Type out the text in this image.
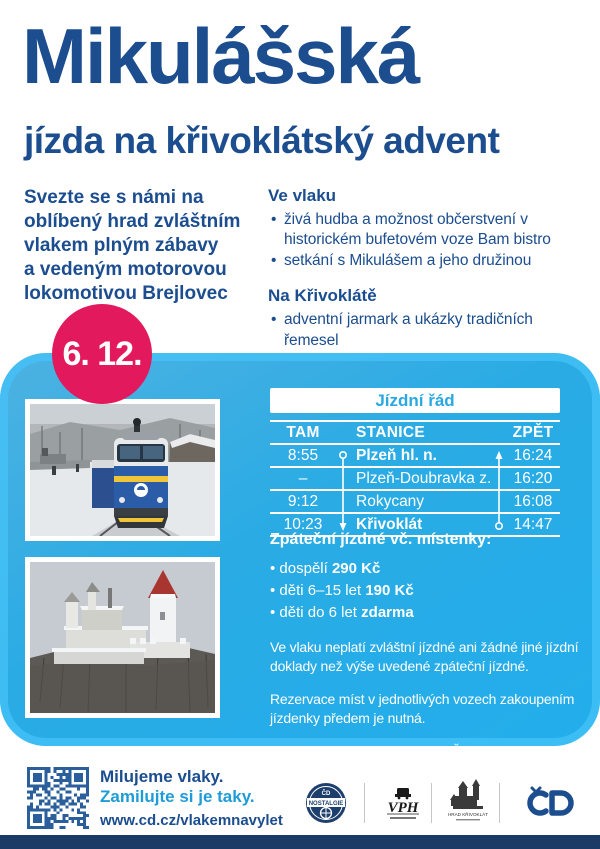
Mikulášská
jízda na křivoklátský advent
Svezte se s námi na
oblíbený hrad zvláštním
vlakem plným zábavy
a vedeným motorovou
lokomotivou Brejlovec
Ve vlaku
• živá hudba a možnost občerstvení v historickém bufetovém voze Bam bistro
• setkání s Mikulášem a jeho družinou
Na Křivoklátě
• adventní jarmark a ukázky tradičních řemesel
•
6. 12.
Jízdní řád
TAM	STANICE	ZPĚT
8:55	Plzeň hl. n.	16:24
–	Plzeň-Doubravka z.	16:20
9:12	Rokycany	16:08
10:23	Křivoklát	14:47
Zpáteční jízdné vč. místenky:
• dospělí 290 Kč
• děti 6–15 let 190 Kč
• děti do 6 let zdarma
Ve vlaku neplatí zvláštní jízdné ani žádné jiné jízdní doklady než výše uvedené zpáteční jízdné.
Rezervace míst v jednotlivých vozech zakoupením jízdenky předem je nutná.
Prodej jízdenek v pokladnách ČD a na www.cd.cz/eshop od 11. 11. 2025.
Milujeme vlaky.
Zamilujte si je taky.
www.cd.cz/vlakemnavylet
ČD
NOSTALGIE	VPH	HRAD KŘIVOKLÁT
